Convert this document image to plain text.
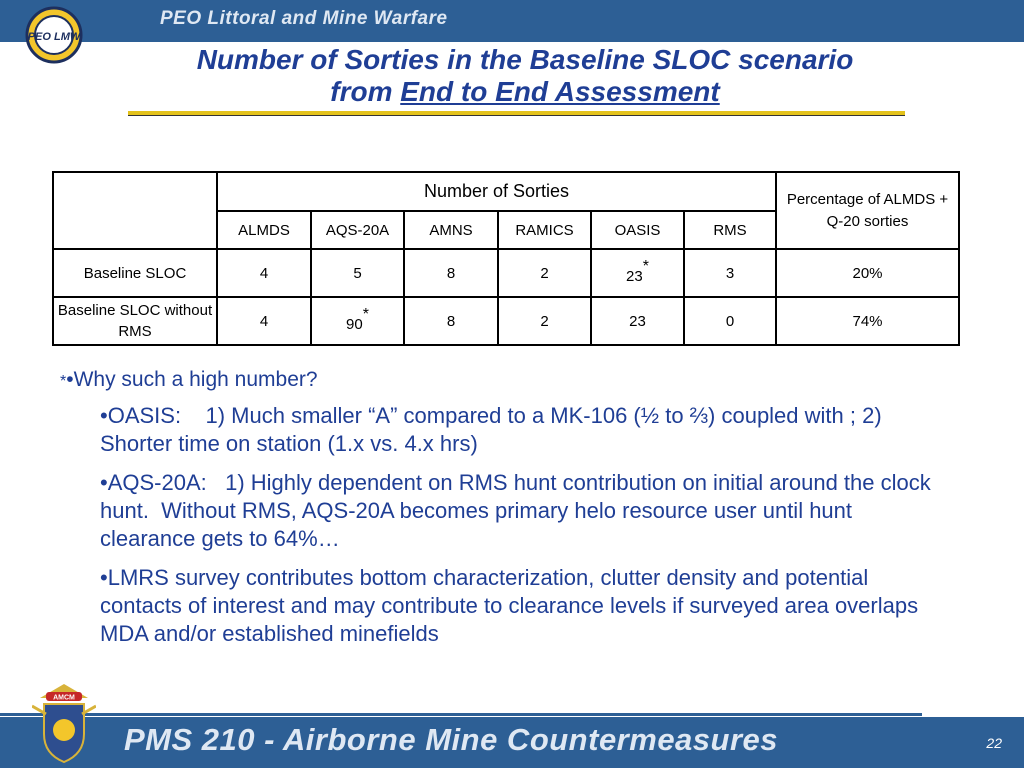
PEO Littoral and Mine Warfare
PEO LMW
Number of Sorties in the Baseline SLOC scenario
from End to End Assessment
	Number of Sorties						Percentage of ALMDS + Q-20 sorties
	ALMDS	AQS-20A	AMNS	RAMICS	OASIS	RMS	
Baseline SLOC	4	5	8	2	23*	3	20%
Baseline SLOC without RMS	4	90*	8	2	23	0	74%
*•Why such a high number?
•OASIS:    1) Much smaller “A” compared to a MK-106 (½ to ⅔) coupled with ; 2) Shorter time on station (1.x vs. 4.x hrs)
•AQS-20A:   1) Highly dependent on RMS hunt contribution on initial around the clock hunt.  Without RMS, AQS-20A becomes primary helo resource user until hunt clearance gets to 64%…
•LMRS survey contributes bottom characterization, clutter density and potential contacts of interest and may contribute to clearance levels if surveyed area overlaps MDA and/or established minefields
AMCM
PMS 210 - Airborne Mine Countermeasures	22
